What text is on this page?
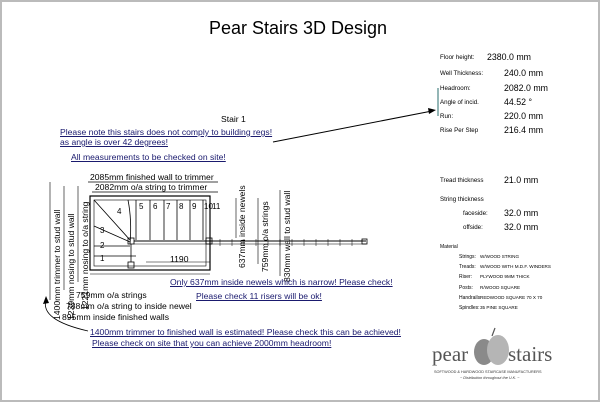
Pear Stairs 3D Design
Stair 1
Please note this stairs does not comply to building regs!
as angle is over 42 degrees!
All measurements to be checked on site!
2085mm finished wall to trimmer
2082mm o/a string to trimmer
1
2
3
4
5 6 7 8 9 10 11
1190
1400mm trimmer to stud wall 1239mm nosing to stud wall 1221mm nosing to o/a string	637mm inside newels 759mm o/a strings 830mm wall to stud wall
Only 637mm inside newels which is narrow! Please check!
Please check 11 risers will be ok!
759mm o/a strings
788mm o/a string to inside newel
895mm inside finished walls
1400mm trimmer to finished wall is estimated! Please check this can be achieved!
Please check on site that you can achieve 2000mm headroom!
Floor height: 2380.0 mm
Well Thickness: 240.0 mm
Headroom:	2082.0 mm
Angle of incid.	44.52 °
Run:	220.0 mm
Rise Per Step	216.4 mm
Tread thickness 21.0 mm
String thickness
faceside: 32.0 mm
offside: 32.0 mm
Material
Strings: W/WOOD STRING
Treads: W/WOOD WITH M.D.F. WINDERS
Riser: PLYWOOD 9MM THICK
Posts: R/WOOD SQUARE
Handrails:
REDWOOD SQUARE 70 X 70
Spindles: 35 PINE SQUARE
pear stairs
SOFTWOOD & HARDWOOD STAIRCASE MANUFACTURERS
~ Distribution throughout the U.K. ~
